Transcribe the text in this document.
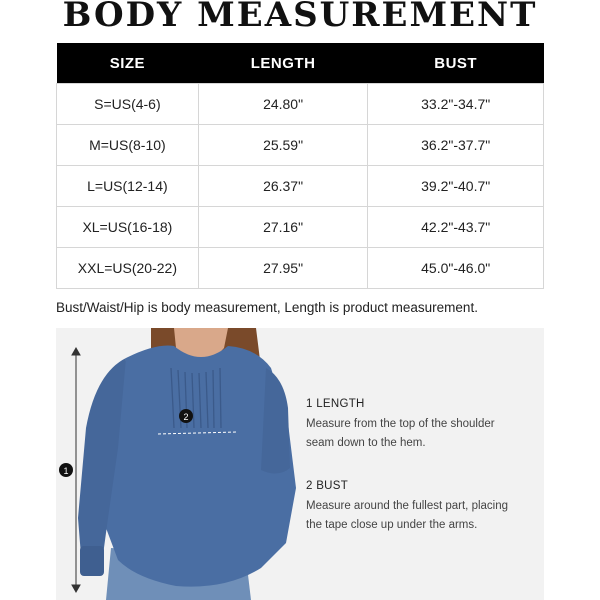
BODY MEASUREMENT
SIZE	LENGTH	BUST
S=US(4-6)	24.80"	33.2"-34.7"
M=US(8-10)	25.59"	36.2"-37.7"
L=US(12-14)	26.37"	39.2"-40.7"
XL=US(16-18)	27.16"	42.2"-43.7"
XXL=US(20-22)	27.95"	45.0"-46.0"
Bust/Waist/Hip is body measurement, Length is product measurement.
1
2
1 LENGTH
Measure from the top of the shoulder
seam down to the hem.
2 BUST
Measure around the fullest part, placing
the tape close up under the arms.
